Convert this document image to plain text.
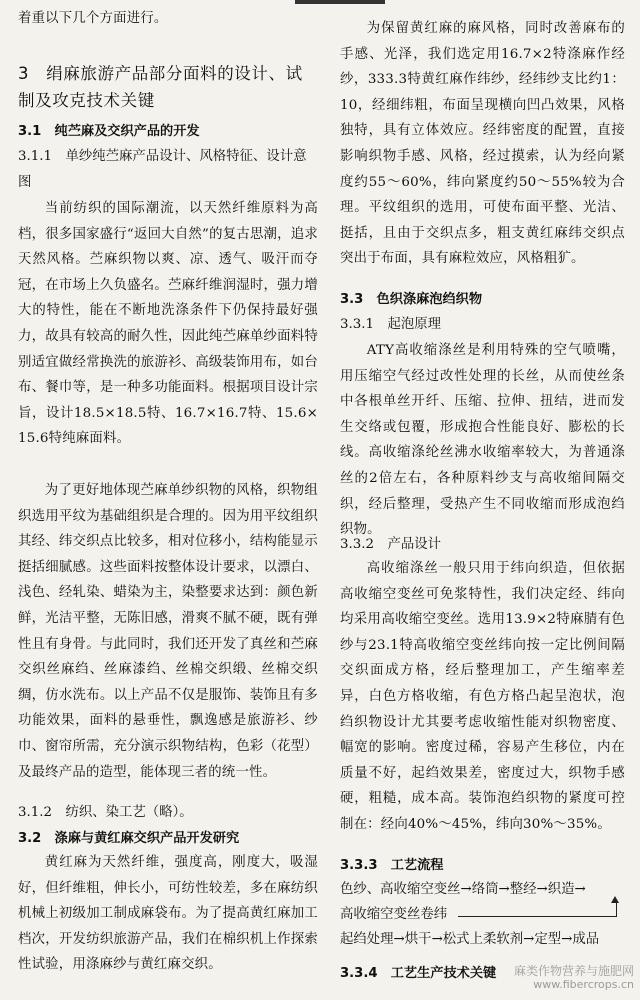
着重以下几个方面进行。
3　绢麻旅游产品部分面料的设计、试制及攻克技术关键
3.1　纯苎麻及交织产品的开发
3.1.1　单纱纯苎麻产品设计、风格特征、设计意图
当前纺织的国际潮流，以天然纤维原料为高档，很多国家盛行“返回大自然”的复古思潮，追求天然风格。苎麻织物以爽、凉、透气、吸汗而夺冠，在市场上久负盛名。苎麻纤维润湿时，强力增大的特性，能在不断地洗涤条件下仍保持最好强力，故具有较高的耐久性，因此纯苎麻单纱面料特别适宜做经常换洗的旅游衫、高级装饰用布，如台布、餐巾等，是一种多功能面料。根据项目设计宗旨，设计18.5×18.5特、16.7×16.7特、15.6×15.6特纯麻面料。
为了更好地体现苎麻单纱织物的风格，织物组织选用平纹为基础组织是合理的。因为用平纹组织其经、纬交织点比较多，相对位移小，结构能显示挺括细腻感。这些面料按整体设计要求，以漂白、浅色、经轧染、蜡染为主，染整要求达到：颜色新鲜，光洁平整，无陈旧感，滑爽不腻不硬，既有弹性且有身骨。与此同时，我们还开发了真丝和苎麻交织丝麻绉、丝麻漆绉、丝棉交织缎、丝棉交织绸，仿水洗布。以上产品不仅是服饰、装饰且有多功能效果，面料的悬垂性，飘逸感是旅游衫、纱巾、窗帘所需，充分演示织物结构，色彩（花型）及最终产品的造型，能体现三者的统一性。
3.1.2　纺织、染工艺（略）。
3.2　涤麻与黄红麻交织产品开发研究
黄红麻为天然纤维，强度高，刚度大，吸湿好，但纤维粗，伸长小，可纺性较差，多在麻纺织机械上初级加工制成麻袋布。为了提高黄红麻加工档次，开发纺织旅游产品，我们在棉织机上作探索性试验，用涤麻纱与黄红麻交织。
为保留黄红麻的麻风格，同时改善麻布的手感、光泽，我们选定用16.7×2特涤麻作经纱，333.3特黄红麻作纬纱，经纬纱支比约1：10，经细纬粗，布面呈现横向凹凸效果，风格独特，具有立体效应。经纬密度的配置，直接影响织物手感、风格，经过摸索，认为经向紧度约55～60%，纬向紧度约50～55%较为合理。平纹组织的选用，可使布面平整、光洁、挺括，且由于交织点多，粗支黄红麻纬交织点突出于布面，具有麻粒效应，风格粗犷。
3.3　色织涤麻泡绉织物
3.3.1　起泡原理
ATY高收缩涤丝是利用特殊的空气喷嘴，用压缩空气经过改性处理的长丝，从而使丝条中各根单丝开纤、压缩、拉伸、扭结，进而发生交络或包覆，形成抱合性能良好、膨松的长线。高收缩涤纶丝沸水收缩率较大，为普通涤丝的2倍左右，各种原料纱支与高收缩间隔交织，经后整理，受热产生不同收缩而形成泡绉织物。
3.3.2　产品设计
高收缩涤丝一般只用于纬向织造，但依据高收缩空变丝可免浆特性，我们决定经、纬向均采用高收缩空变丝。选用13.9×2特麻腈有色纱与23.1特高收缩空变丝纬向按一定比例间隔交织面成方格，经后整理加工，产生缩率差异，白色方格收缩，有色方格凸起呈泡状，泡绉织物设计尤其要考虑收缩性能对织物密度、幅宽的影响。密度过稀，容易产生移位，内在质量不好，起绉效果差，密度过大，织物手感硬，粗糙，成本高。装饰泡绉织物的紧度可控制在：经向40%～45%，纬向30%～35%。
3.3.3　工艺流程
色纱、高收缩空变丝→络筒→整经→织造→
高收缩空变丝卷纬
起绉处理→烘干→松式上柔软剂→定型→成品
3.3.4　工艺生产技术关键	麻类作物营养与施肥网
www.fibercrops.cn
